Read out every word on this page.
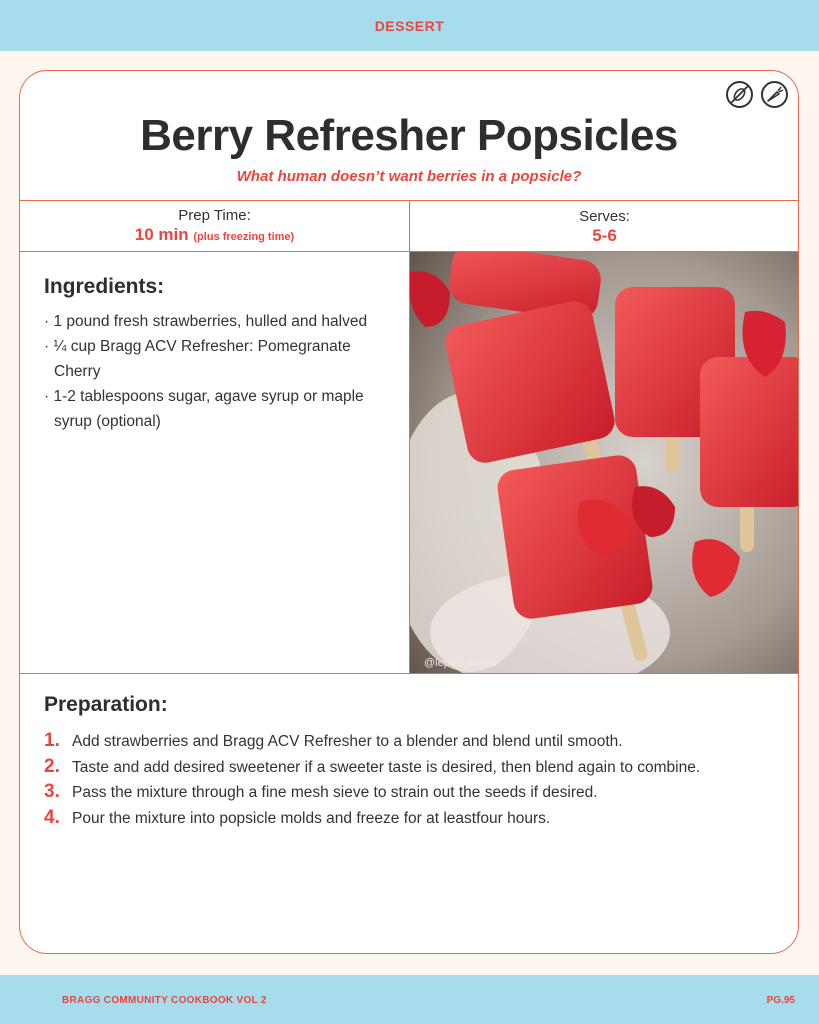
DESSERT
Berry Refresher Popsicles
What human doesn’t want berries in a popsicle?
Prep Time:
10 min (plus freezing time)
Serves:
5-6
Ingredients:
· 1 pound fresh strawberries, hulled and halved
· ¼ cup Bragg ACV Refresher: Pomegranate Cherry
· 1-2 tablespoons sugar, agave syrup or maple syrup (optional)
@lepetitchefsb
Preparation:
1. Add strawberries and Bragg ACV Refresher to a blender and blend until smooth.
2. Taste and add desired sweetener if a sweeter taste is desired, then blend again to combine.
3. Pass the mixture through a fine mesh sieve to strain out the seeds if desired.
4. Pour the mixture into popsicle molds and freeze for at leastfour hours.
BRAGG COMMUNITY COOKBOOK VOL 2	PG.95
